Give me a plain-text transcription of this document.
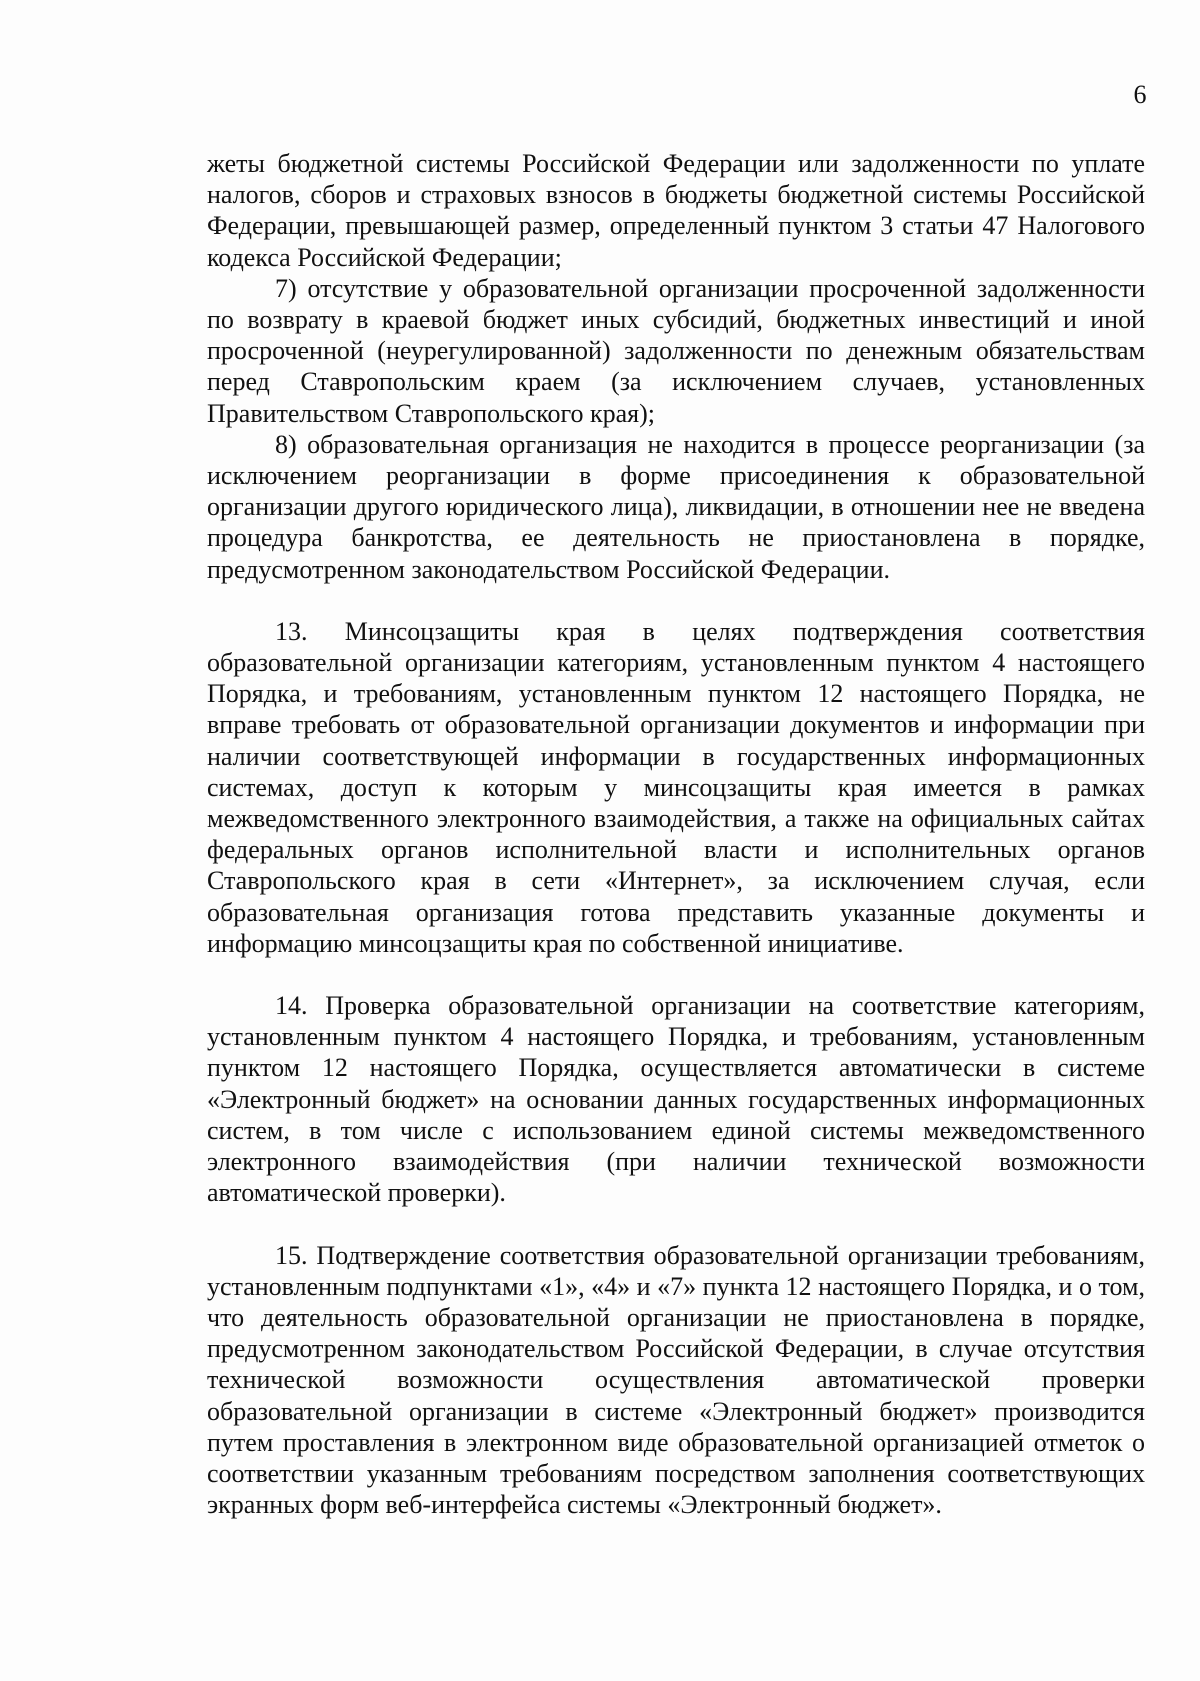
6

жеты бюджетной системы Российской Федерации или задолженности по уплате налогов, сборов и страховых взносов в бюджеты бюджетной системы Российской Федерации, превышающей размер, определенный пунктом 3 статьи 47 Налогового кодекса Российской Федерации;

7) отсутствие у образовательной организации просроченной задолженности по возврату в краевой бюджет иных субсидий, бюджетных инвестиций и иной просроченной (неурегулированной) задолженности по денежным обязательствам перед Ставропольским краем (за исключением случаев, установленных Правительством Ставропольского края);

8) образовательная организация не находится в процессе реорганизации (за исключением реорганизации в форме присоединения к образовательной организации другого юридического лица), ликвидации, в отношении нее не введена процедура банкротства, ее деятельность не приостановлена в порядке, предусмотренном законодательством Российской Федерации.

13. Минсоцзащиты края в целях подтверждения соответствия образовательной организации категориям, установленным пунктом 4 настоящего Порядка, и требованиям, установленным пунктом 12 настоящего Порядка, не вправе требовать от образовательной организации документов и информации при наличии соответствующей информации в государственных информационных системах, доступ к которым у минсоцзащиты края имеется в рамках межведомственного электронного взаимодействия, а также на официальных сайтах федеральных органов исполнительной власти и исполнительных органов Ставропольского края в сети «Интернет», за исключением случая, если образовательная организация готова представить указанные документы и информацию минсоцзащиты края по собственной инициативе.

14. Проверка образовательной организации на соответствие категориям, установленным пунктом 4 настоящего Порядка, и требованиям, установленным пунктом 12 настоящего Порядка, осуществляется автоматически в системе «Электронный бюджет» на основании данных государственных информационных систем, в том числе с использованием единой системы межведомственного электронного взаимодействия (при наличии технической возможности автоматической проверки).

15. Подтверждение соответствия образовательной организации требованиям, установленным подпунктами «1», «4» и «7» пункта 12 настоящего Порядка, и о том, что деятельность образовательной организации не приостановлена в порядке, предусмотренном законодательством Российской Федерации, в случае отсутствия технической возможности осуществления автоматической проверки образовательной организации в системе «Электронный бюджет» производится путем проставления в электронном виде образовательной организацией отметок о соответствии указанным требованиям посредством заполнения соответствующих экранных форм веб-интерфейса системы «Электронный бюджет».
